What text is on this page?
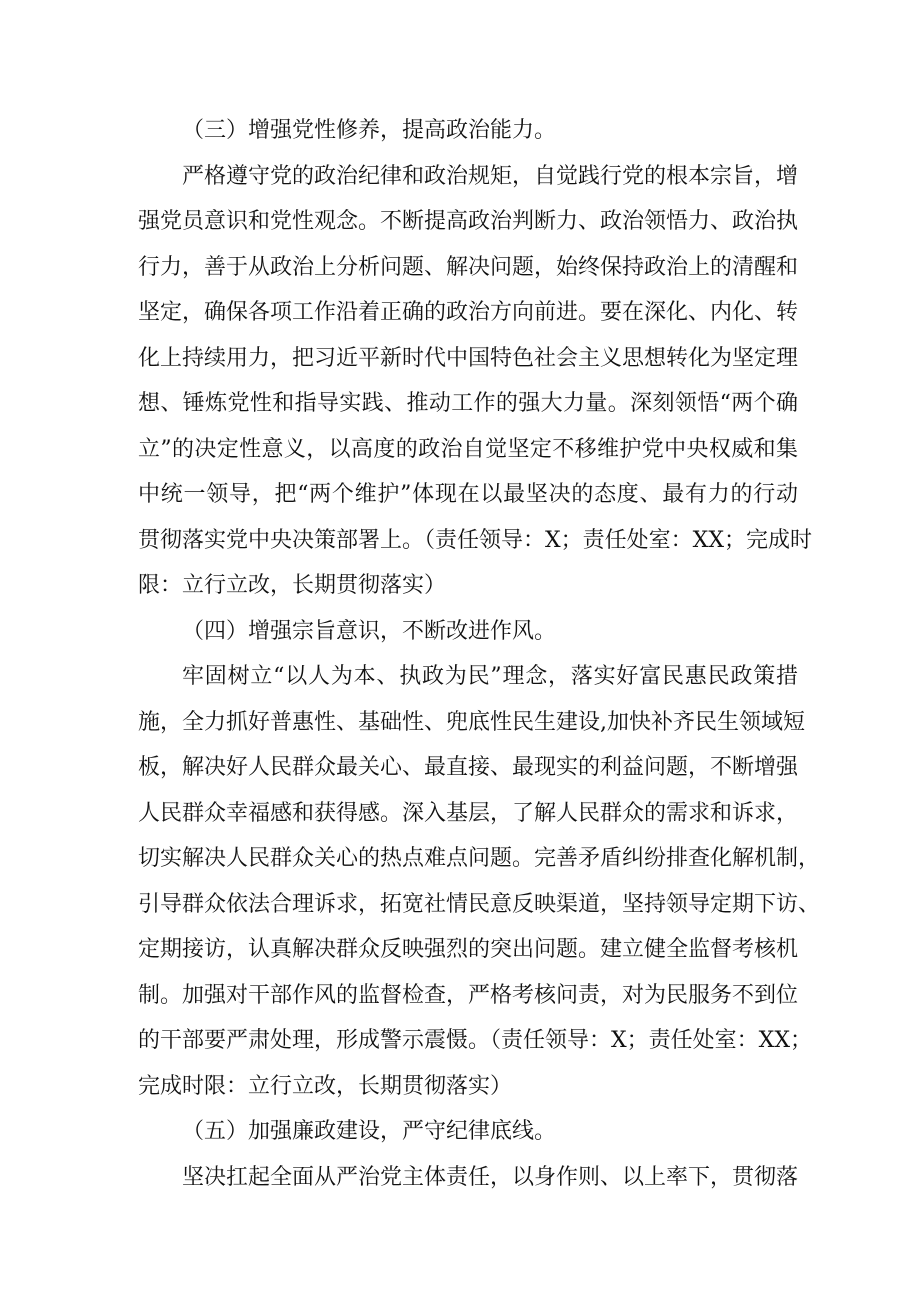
（三）增强党性修养，提高政治能力。
严格遵守党的政治纪律和政治规矩，自觉践行党的根本宗旨，增
强党员意识和党性观念。不断提高政治判断力、政治领悟力、政治执
行力，善于从政治上分析问题、解决问题，始终保持政治上的清醒和
坚定，确保各项工作沿着正确的政治方向前进。要在深化、内化、转
化上持续用力，把习近平新时代中国特色社会主义思想转化为坚定理
想、锤炼党性和指导实践、推动工作的强大力量。深刻领悟“两个确
立”的决定性意义，以高度的政治自觉坚定不移维护党中央权威和集
中统一领导，把“两个维护”体现在以最坚决的态度、最有力的行动
贯彻落实党中央决策部署上。（责任领导：X；责任处室：XX；完成时
限：立行立改，长期贯彻落实）
（四）增强宗旨意识，不断改进作风。
牢固树立“以人为本、执政为民”理念，落实好富民惠民政策措
施，全力抓好普惠性、基础性、兜底性民生建设,加快补齐民生领域短
板，解决好人民群众最关心、最直接、最现实的利益问题，不断增强
人民群众幸福感和获得感。深入基层，了解人民群众的需求和诉求，
切实解决人民群众关心的热点难点问题。完善矛盾纠纷排查化解机制，
引导群众依法合理诉求，拓宽社情民意反映渠道，坚持领导定期下访、
定期接访，认真解决群众反映强烈的突出问题。建立健全监督考核机
制。加强对干部作风的监督检查，严格考核问责，对为民服务不到位
的干部要严肃处理，形成警示震慑。（责任领导：X；责任处室：XX；
完成时限：立行立改，长期贯彻落实）
（五）加强廉政建设，严守纪律底线。
坚决扛起全面从严治党主体责任，以身作则、以上率下，贯彻落
